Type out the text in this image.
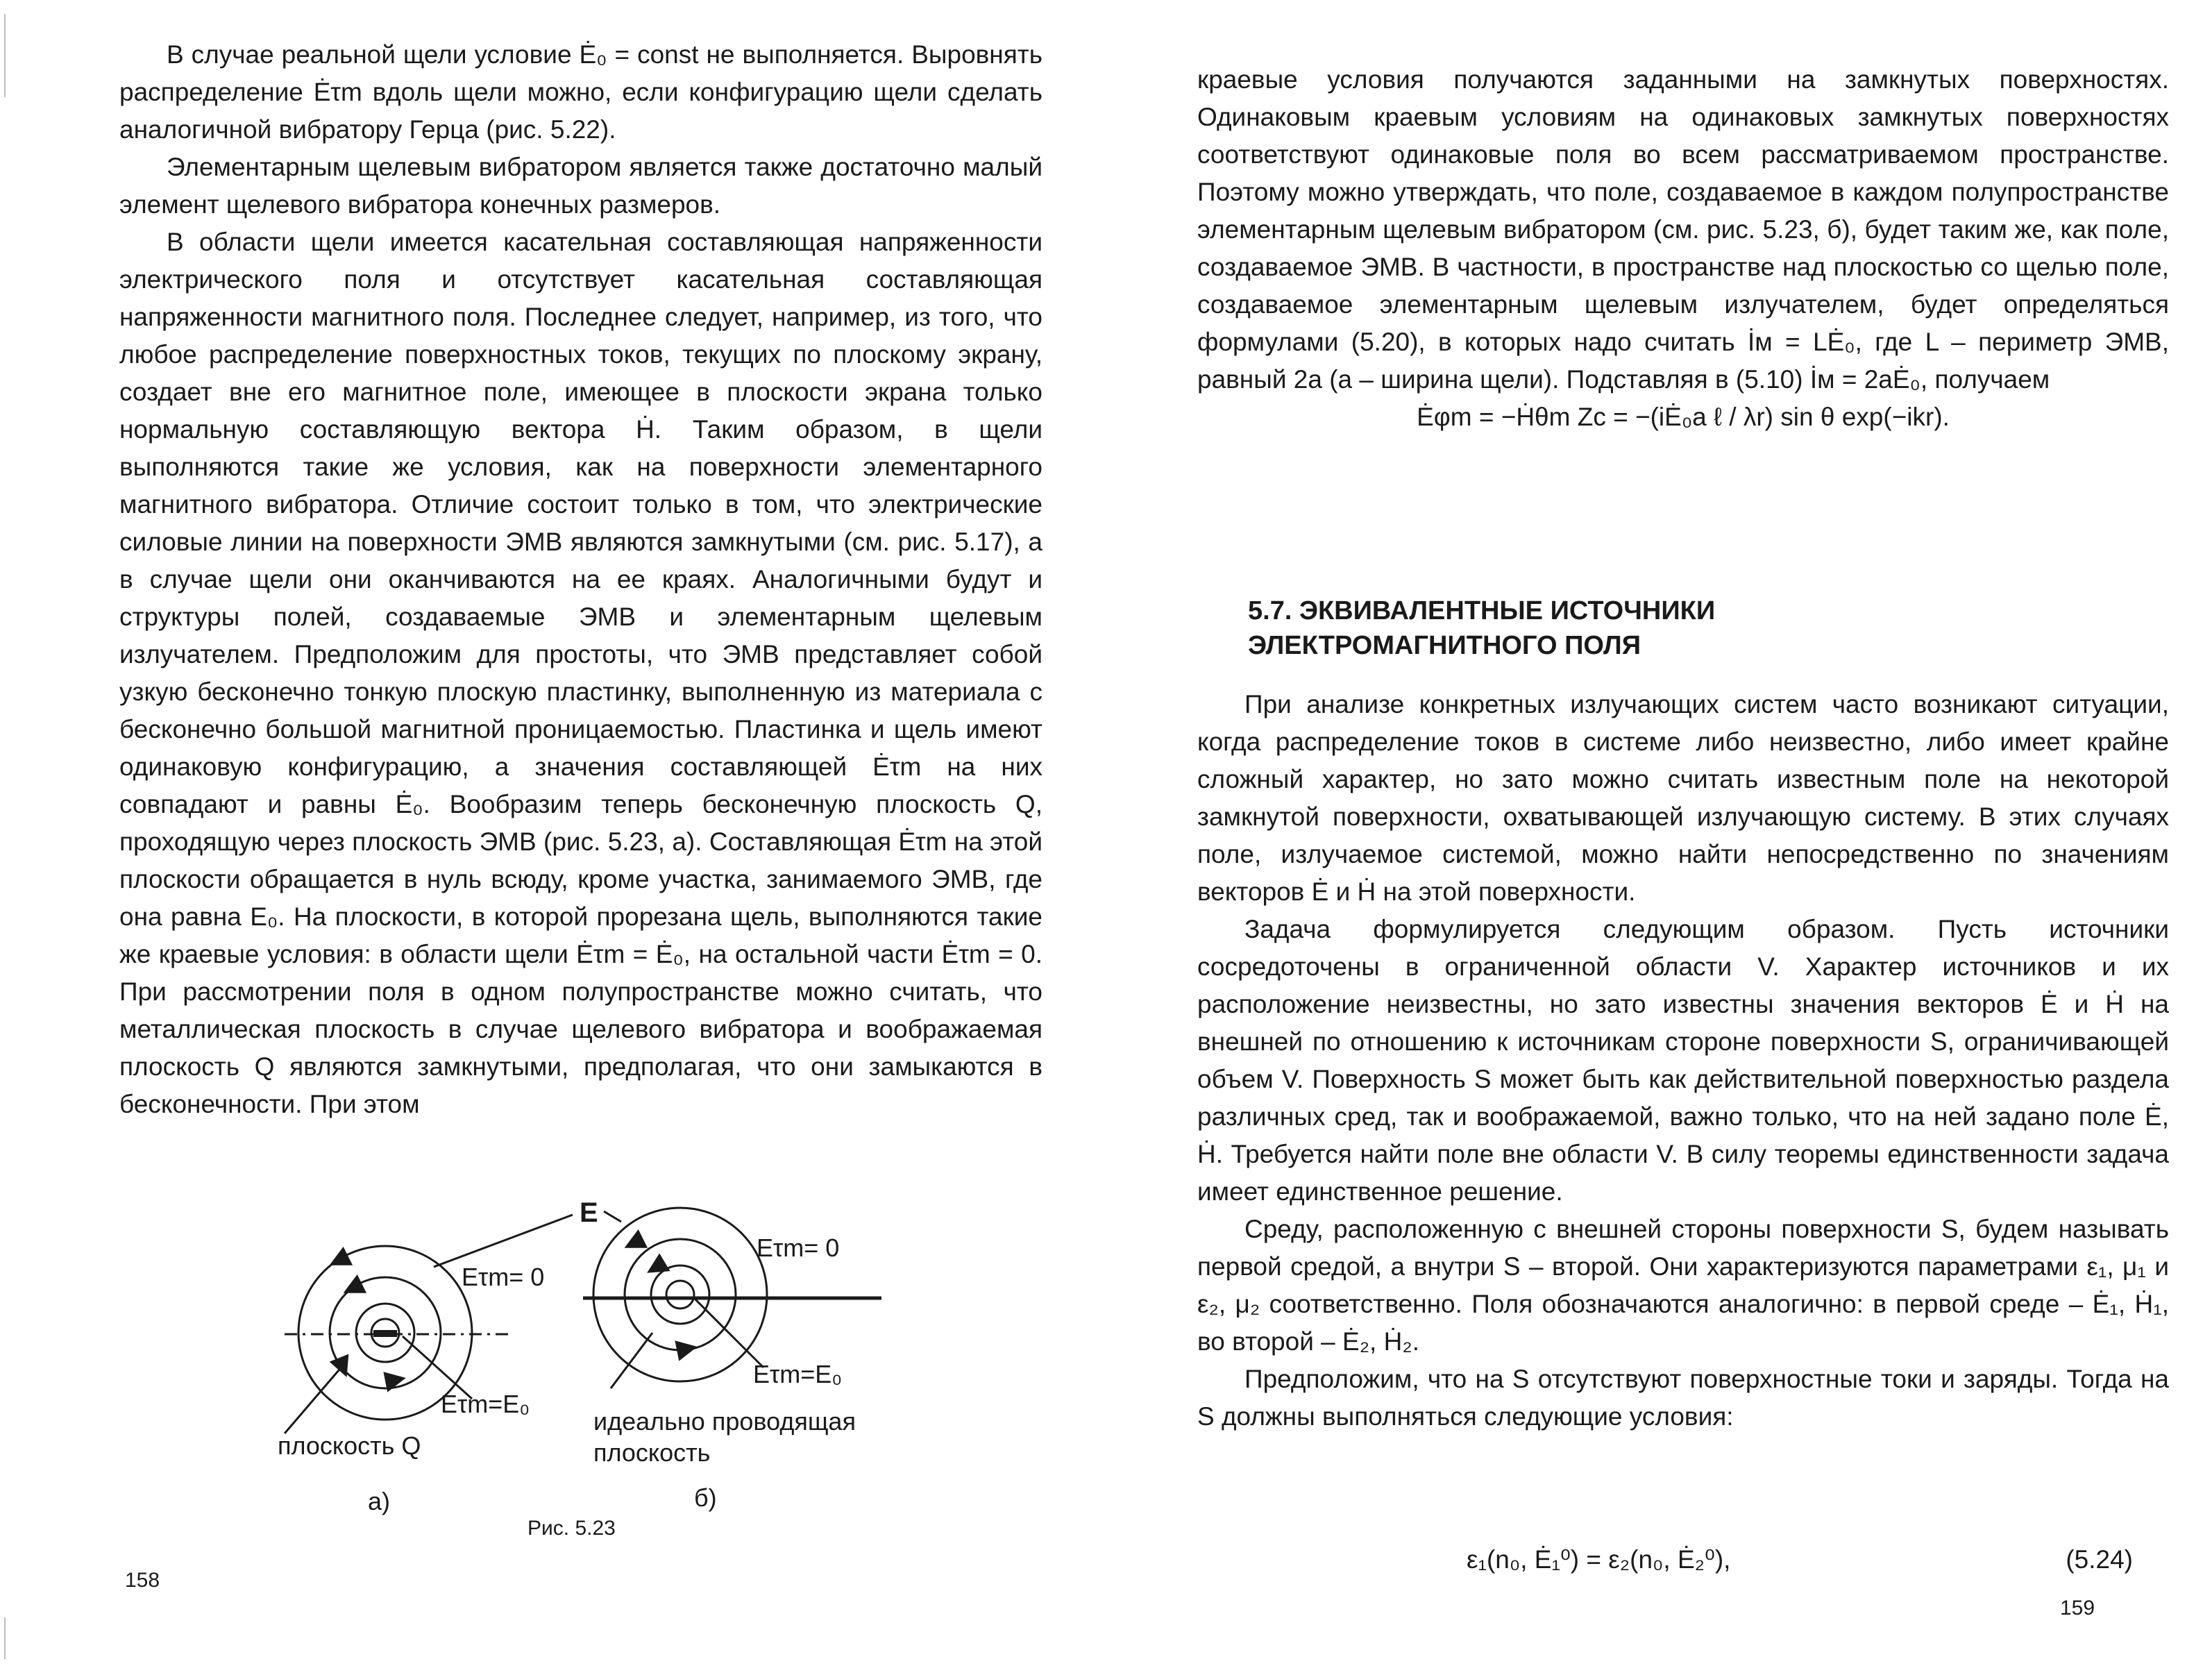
В случае реальной щели условие Ė₀ = const не выполняется. Выровнять распределение Ėτm вдоль щели можно, если конфигурацию щели сделать аналогичной вибратору Герца (рис. 5.22).

Элементарным щелевым вибратором является также достаточно малый элемент щелевого вибратора конечных размеров.

В области щели имеется касательная составляющая напряженности электрического поля и отсутствует касательная составляющая напряженности магнитного поля. Последнее следует, например, из того, что любое распределение поверхностных токов, текущих по плоскому экрану, создает вне его магнитное поле, имеющее в плоскости экрана только нормальную составляющую вектора Ḣ. Таким образом, в щели выполняются такие же условия, как на поверхности элементарного магнитного вибратора. Отличие состоит только в том, что электрические силовые линии на поверхности ЭМВ являются замкнутыми (см. рис. 5.17), а в случае щели они оканчиваются на ее краях. Аналогичными будут и структуры полей, создаваемые ЭМВ и элементарным щелевым излучателем. Предположим для простоты, что ЭМВ представляет собой узкую бесконечно тонкую плоскую пластинку, выполненную из материала с бесконечно большой магнитной проницаемостью. Пластинка и щель имеют одинаковую конфигурацию, а значения составляющей Ėτm на них совпадают и равны Ė₀. Вообразим теперь бесконечную плоскость Q, проходящую через плоскость ЭМВ (рис. 5.23, а). Составляющая Ėτm на этой плоскости обращается в нуль всюду, кроме участка, занимаемого ЭМВ, где она равна E₀. На плоскости, в которой прорезана щель, выполняются такие же краевые условия: в области щели Ėτm = Ė₀, на остальной части Ėτm = 0. При рассмотрении поля в одном полупространстве можно считать, что металлическая плоскость в случае щелевого вибратора и воображаемая плоскость Q являются замкнутыми, предполагая, что они замыкаются в бесконечности. При этом

E
Eτm= 0
Eτm=E₀
плоскость Q
а)
Eτm= 0
Eτm=E₀
идеально проводящая
плоскость
б)
Рис. 5.23
158

краевые условия получаются заданными на замкнутых поверхностях. Одинаковым краевым условиям на одинаковых замкнутых поверхностях соответствуют одинаковые поля во всем рассматриваемом пространстве. Поэтому можно утверждать, что поле, создаваемое в каждом полупространстве элементарным щелевым вибратором (см. рис. 5.23, б), будет таким же, как поле, создаваемое ЭМВ. В частности, в пространстве над плоскостью со щелью поле, создаваемое элементарным щелевым излучателем, будет определяться формулами (5.20), в которых надо считать İм = LĖ₀, где L – периметр ЭМВ, равный 2a (a – ширина щели). Подставляя в (5.10) İм = 2aĖ₀, получаем

Ėφm = −Ḣθm Zc = −(iĖ₀a ℓ / λr) sin θ exp(−ikr).

5.7. ЭКВИВАЛЕНТНЫЕ ИСТОЧНИКИ ЭЛЕКТРОМАГНИТНОГО ПОЛЯ

При анализе конкретных излучающих систем часто возникают ситуации, когда распределение токов в системе либо неизвестно, либо имеет крайне сложный характер, но зато можно считать известным поле на некоторой замкнутой поверхности, охватывающей излучающую систему. В этих случаях поле, излучаемое системой, можно найти непосредственно по значениям векторов Ė и Ḣ на этой поверхности.

Задача формулируется следующим образом. Пусть источники сосредоточены в ограниченной области V. Характер источников и их расположение неизвестны, но зато известны значения векторов Ė и Ḣ на внешней по отношению к источникам стороне поверхности S, ограничивающей объем V. Поверхность S может быть как действительной поверхностью раздела различных сред, так и воображаемой, важно только, что на ней задано поле Ė, Ḣ. Требуется найти поле вне области V. В силу теоремы единственности задача имеет единственное решение.

Среду, расположенную с внешней стороны поверхности S, будем называть первой средой, а внутри S – второй. Они характеризуются параметрами ε₁, μ₁ и ε₂, μ₂ соответственно. Поля обозначаются аналогично: в первой среде – Ė₁, Ḣ₁, во второй – Ė₂, Ḣ₂.

Предположим, что на S отсутствуют поверхностные токи и заряды. Тогда на S должны выполняться следующие условия:

ε₁(n₀, Ė₁⁰) = ε₂(n₀, Ė₂⁰),	(5.24)
159
